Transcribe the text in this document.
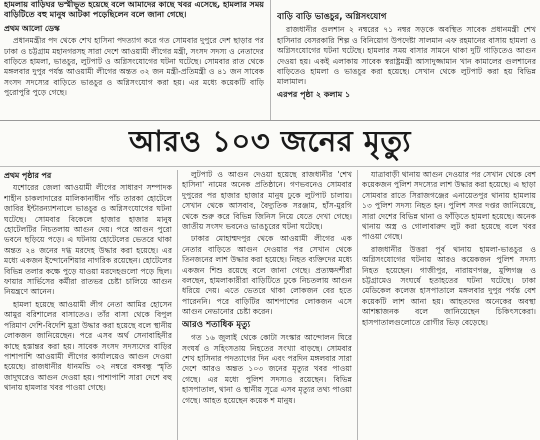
হামলায় বাড়িঘর ভস্মীভূত হয়েছে বলে আমাদের কাছে খবর এসেছে, হামলার সময় বাড়িটিতে বহু মানুষ আটকা পড়েছিলেন বলে জানা গেছে।

প্রথম আলো ডেস্ক

প্রধানমন্ত্রীর পদ থেকে শেখ হাসিনা পদত্যাগ করে গত সোমবার দুপুরে দেশ ছাড়ার পর ঢাকা ও চট্টগ্রাম মহানগরসহ সারা দেশে আওয়ামী লীগের মন্ত্রী, সংসদ সদস্য ও নেতাদের বাড়িতে হামলা, ভাঙচুর, লুটপাট ও অগ্নিসংযোগের ঘটনা ঘটেছে। সোমবার রাত থেকে মঙ্গলবার দুপুর পর্যন্ত আওয়ামী লীগের অন্তত ৩২ জন মন্ত্রী-প্রতিমন্ত্রী ও ৪১ জন সাবেক সংসদ সদস্যের বাড়িতে ভাঙচুর ও অগ্নিসংযোগ করা হয়। এর মধ্যে কয়েকটি বাড়ি পুরোপুরি পুড়ে গেছে।

বাড়ি বাড়ি ভাঙচুর, অগ্নিসংযোগ

রাজধানীর গুলশান ২ নম্বরের ৭১ নম্বর সড়কে অবস্থিত সাবেক প্রধানমন্ত্রী শেখ হাসিনার বেসরকারি শিল্প ও বিনিয়োগ উপদেষ্টা সালমান এফ রহমানের বাসায় হামলা ও অগ্নিসংযোগের ঘটনা ঘটেছে। হামলার সময় বাসার সামনে থাকা দুটি গাড়িতেও আগুন দেওয়া হয়। একই এলাকায় সাবেক স্বরাষ্ট্রমন্ত্রী আসাদুজ্জামান খান কামালের গুলশানের বাড়িতেও হামলা ও ভাঙচুর করা হয়েছে। সেখান থেকে লুটপাট করা হয় বিভিন্ন মালামাল।

এরপর পৃষ্ঠা ২ কলাম ১

আরও ১০৩ জনের মৃত্যু

প্রথম পৃষ্ঠার পর

যশোরের জেলা আওয়ামী লীগের সাধারণ সম্পাদক শাহীন চাকলাদারের মালিকানাধীন পাঁচ তারকা হোটেলে জাবির ইন্টারন্যাশনালে ভাঙচুর ও অগ্নিসংযোগের ঘটনা ঘটেছে। সোমবার বিকেলে হাজার হাজার মানুষ হোটেলটির নিচতলায় আগুন দেয়। পরে আগুন পুরো ভবনে ছড়িয়ে পড়ে। এ ঘটনায় হোটেলের ভেতরে থাকা অন্তত ২৪ জনের দগ্ধ মরদেহ উদ্ধার করা হয়েছে। এর মধ্যে একজন ইন্দোনেশিয়ার নাগরিক রয়েছেন। হোটেলের বিভিন্ন তলার কক্ষে পুড়ে যাওয়া মরদেহগুলো পড়ে ছিল। ফায়ার সার্ভিসের কর্মীরা রাতভর চেষ্টা চালিয়ে আগুন নিয়ন্ত্রণে আনেন।

হামলা হয়েছে আওয়ামী লীগ নেতা আমির হোসেন আমুর বরিশালের বাসাতেও। তাঁর বাসা থেকে বিপুল পরিমাণ দেশি-বিদেশি মুদ্রা উদ্ধার করা হয়েছে বলে স্থানীয় লোকজন জানিয়েছেন। পরে এসব অর্থ সেনাবাহিনীর কাছে হস্তান্তর করা হয়। সাবেক সংসদ সদস্যদের বাড়ির পাশাপাশি আওয়ামী লীগের কার্যালয়েও আগুন দেওয়া হয়েছে। রাজধানীর ধানমন্ডি ৩২ নম্বরে বঙ্গবন্ধু স্মৃতি জাদুঘরেও আগুন দেওয়া হয়। পাশাপাশি সারা দেশে বহু থানায় হামলার খবর পাওয়া গেছে।

লুটপাট ও আগুন দেওয়া হয়েছে রাজধানীর 'শেখ হাসিনা' নামের অনেক প্রতিষ্ঠানে। গণভবনেও সোমবার দুপুরের পর হাজার হাজার মানুষ ঢুকে লুটপাট চালায়। সেখান থেকে আসবাব, বৈদ্যুতিক সরঞ্জাম, হাঁস-মুরগি থেকে শুরু করে বিভিন্ন জিনিস নিয়ে যেতে দেখা গেছে। জাতীয় সংসদ ভবনেও ভাঙচুরের ঘটনা ঘটেছে।

ঢাকার মোহাম্মদপুর থেকে আওয়ামী লীগের এক নেতার বাড়িতে আগুন দেওয়ার পর সেখান থেকে তিনজনের লাশ উদ্ধার করা হয়েছে। নিহত ব্যক্তিদের মধ্যে একজন শিশু রয়েছে বলে জানা গেছে। প্রত্যক্ষদর্শীরা বলছেন, হামলাকারীরা বাড়িটিতে ঢুকে নিচতলায় আগুন ধরিয়ে দেয়। এতে ভেতরে থাকা লোকজন বের হতে পারেননি। পরে বাড়িটির আশপাশের লোকজন এসে আগুন নেভানোর চেষ্টা করেন।

আরও শতাধিক মৃত্যু

গত ১৬ জুলাই থেকে কোটা সংস্কার আন্দোলন ঘিরে সংঘর্ষ ও সহিংসতায় নিহতের সংখ্যা বাড়ছে। সোমবার শেখ হাসিনার পদত্যাগের দিন এবং পরদিন মঙ্গলবার সারা দেশে আরও অন্তত ১০৩ জনের মৃত্যুর খবর পাওয়া গেছে। এর মধ্যে পুলিশ সদস্যও রয়েছেন। বিভিন্ন হাসপাতাল, থানা ও স্থানীয় সূত্রে এসব মৃত্যুর তথ্য পাওয়া গেছে। আহত হয়েছেন কয়েক শ মানুষ।

যাত্রাবাড়ী থানায় আগুন দেওয়ার পর সেখান থেকে বেশ কয়েকজন পুলিশ সদস্যের লাশ উদ্ধার করা হয়েছে। এ ছাড়া সোমবার রাতে সিরাজগঞ্জের এনায়েতপুর থানায় হামলায় ১৩ পুলিশ সদস্য নিহত হন। পুলিশ সদর দপ্তর জানিয়েছে, সারা দেশের বিভিন্ন থানা ও ফাঁড়িতে হামলা হয়েছে। অনেক থানায় অস্ত্র ও গোলাবারুদ লুট করা হয়েছে বলে খবর পাওয়া গেছে।

রাজধানীর উত্তরা পূর্ব থানায় হামলা-ভাঙচুর ও অগ্নিসংযোগের ঘটনায় আরও কয়েকজন পুলিশ সদস্য নিহত হয়েছেন। গাজীপুর, নারায়ণগঞ্জ, মুন্সিগঞ্জ ও চট্টগ্রামেও সংঘর্ষে হতাহতের ঘটনা ঘটেছে। ঢাকা মেডিকেল কলেজ হাসপাতালে মঙ্গলবার দুপুর পর্যন্ত বেশ কয়েকটি লাশ আনা হয়। আহতদের অনেকের অবস্থা আশঙ্কাজনক বলে জানিয়েছেন চিকিৎসকেরা। হাসপাতালগুলোতে রোগীর ভিড় বেড়েছে।
